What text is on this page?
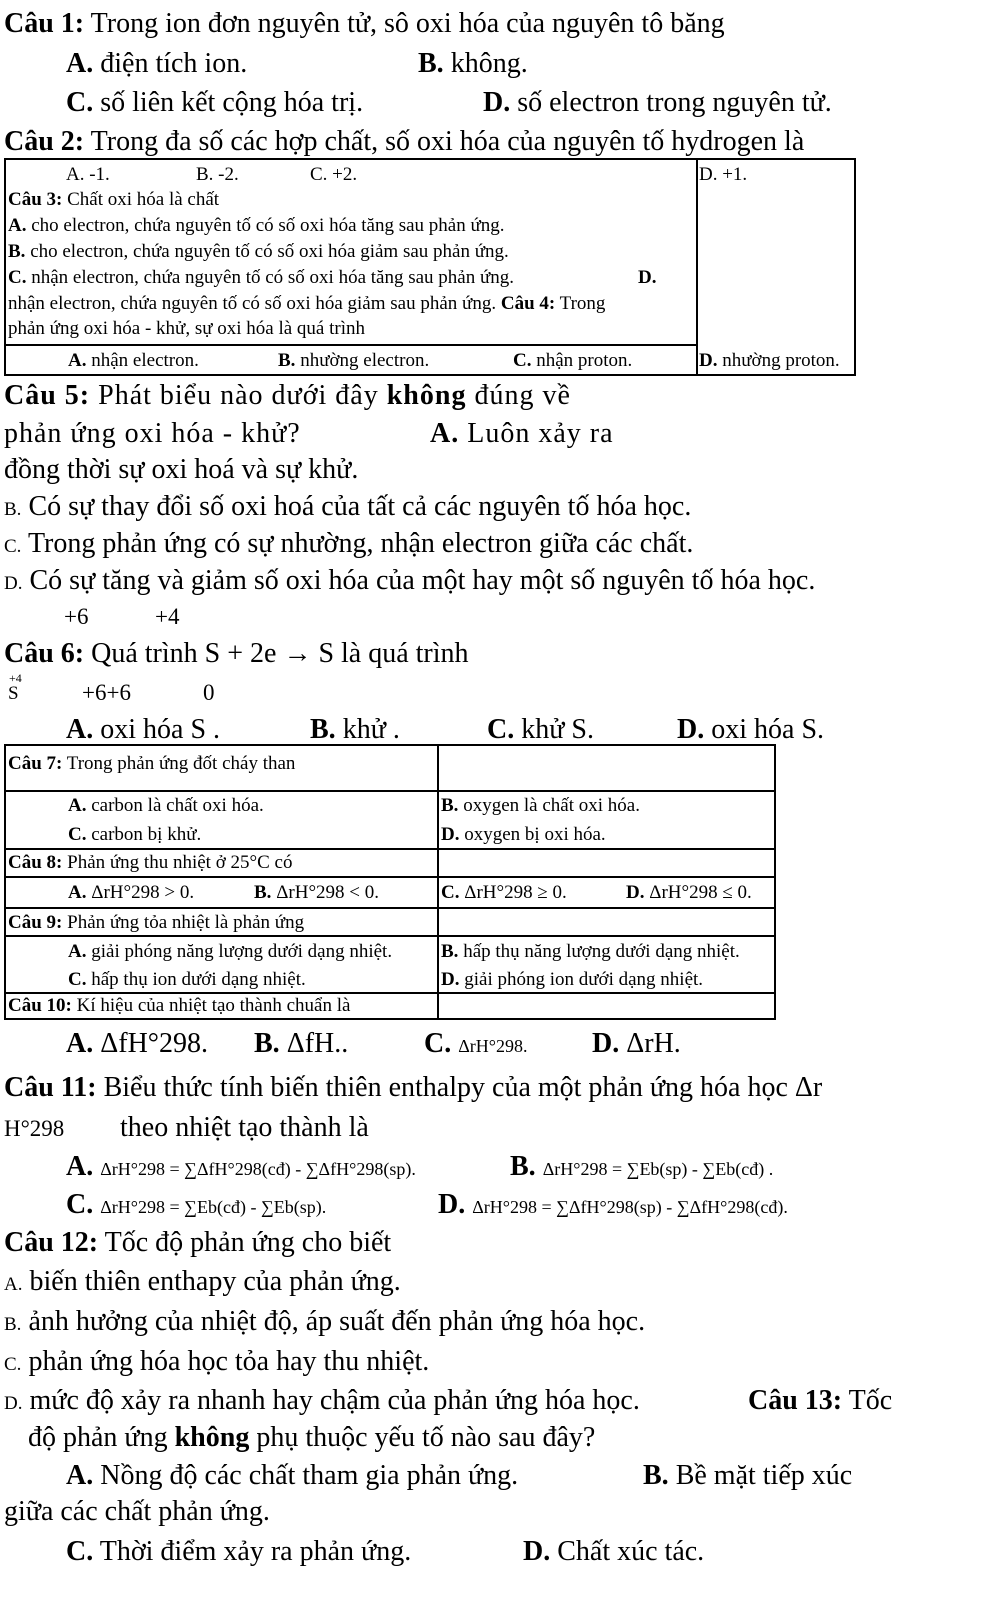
Câu 1: Trong ion đơn nguyên tử, sô oxi hóa của nguyên tô băng
A. điện tích ion.	B. không.
C. số liên kết cộng hóa trị.	D. số electron trong nguyên tử.
Câu 2: Trong đa số các hợp chất, số oxi hóa của nguyên tố hydrogen là
A. -1.	B. -2.	C. +2.	D. +1.
Câu 3: Chất oxi hóa là chất
A. cho electron, chứa nguyên tố có số oxi hóa tăng sau phản ứng.
B. cho electron, chứa nguyên tố có số oxi hóa giảm sau phản ứng.
C. nhận electron, chứa nguyên tố có số oxi hóa tăng sau phản ứng.	D.
nhận electron, chứa nguyên tố có số oxi hóa giảm sau phản ứng. Câu 4: Trong
phản ứng oxi hóa - khử, sự oxi hóa là quá trình
A. nhận electron.	B. nhường electron.	C. nhận proton.	D. nhường proton.
Câu 5: Phát biểu nào dưới đây không đúng về
phản ứng oxi hóa - khử?	A. Luôn xảy ra
đồng thời sự oxi hoá và sự khử.
B. Có sự thay đổi số oxi hoá của tất cả các nguyên tố hóa học.
C. Trong phản ứng có sự nhường, nhận electron giữa các chất.
D. Có sự tăng và giảm số oxi hóa của một hay một số nguyên tố hóa học.
+6	+4
Câu 6: Quá trình S + 2e → S là quá trình
+4
S	+6+6	0
A. oxi hóa S .	B. khử .	C. khử S.	D. oxi hóa S.
Câu 7: Trong phản ứng đốt cháy than
A. carbon là chất oxi hóa.	B. oxygen là chất oxi hóa.
C. carbon bị khử.	D. oxygen bị oxi hóa.
Câu 8: Phản ứng thu nhiệt ở 25°C có
A. ΔrH°298 > 0.	B. ΔrH°298 < 0.	C. ΔrH°298 ≥ 0.	D. ΔrH°298 ≤ 0.
Câu 9: Phản ứng tỏa nhiệt là phản ứng
A. giải phóng năng lượng dưới dạng nhiệt.	B. hấp thụ năng lượng dưới dạng nhiệt.
C. hấp thụ ion dưới dạng nhiệt.	D. giải phóng ion dưới dạng nhiệt.
Câu 10: Kí hiệu của nhiệt tạo thành chuẩn là
A. ΔfH°298. B. ΔfH..	C. ΔrH°298. D. ΔrH.
Câu 11: Biểu thức tính biến thiên enthalpy của một phản ứng hóa học Δr
H°298 theo nhiệt tạo thành là
A. ΔrH°298 = ∑ΔfH°298(cđ) - ∑ΔfH°298(sp).	B. ΔrH°298 = ∑Eb(sp) - ∑Eb(cđ) .
C. ΔrH°298 = ∑Eb(cđ) - ∑Eb(sp).	D. ΔrH°298 = ∑ΔfH°298(sp) - ∑ΔfH°298(cđ).
Câu 12: Tốc độ phản ứng cho biết
A. biến thiên enthapy của phản ứng.
B. ảnh hưởng của nhiệt độ, áp suất đến phản ứng hóa học.
C. phản ứng hóa học tỏa hay thu nhiệt.
D. mức độ xảy ra nhanh hay chậm của phản ứng hóa học.	Câu 13: Tốc
độ phản ứng không phụ thuộc yếu tố nào sau đây?
A. Nồng độ các chất tham gia phản ứng.	B. Bề mặt tiếp xúc
giữa các chất phản ứng.
C. Thời điểm xảy ra phản ứng.	D. Chất xúc tác.
